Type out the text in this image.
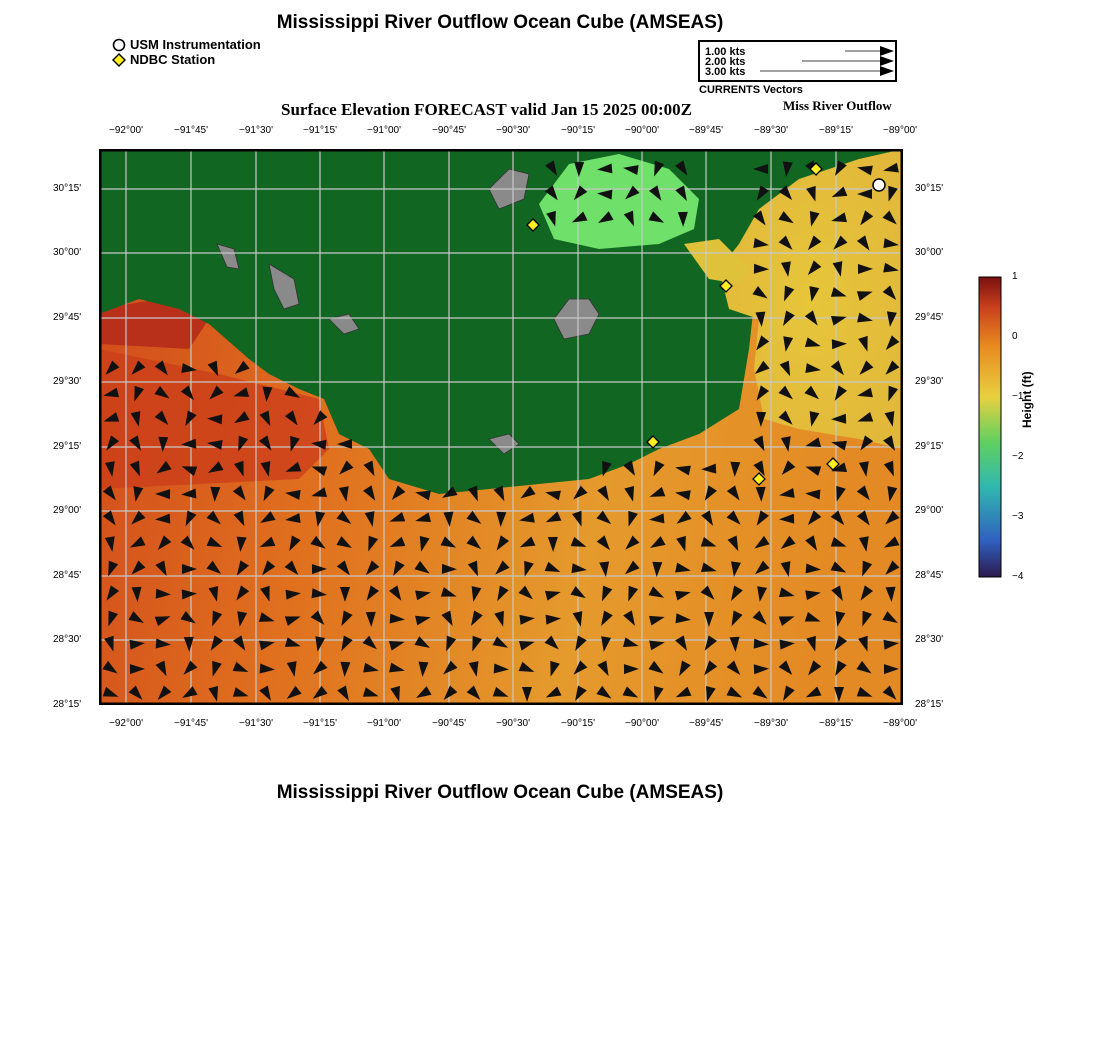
Mississippi River Outflow Ocean Cube (AMSEAS)
USM Instrumentation
NDBC Station	1.00 kts
2.00 kts
3.00 kts
CURRENTS Vectors
Surface Elevation FORECAST valid Jan 15 2025 00:00Z	Miss River Outflow
−92°00'	−91°45'	−91°30'	−91°15'	−91°00'	−90°45'	−90°30'	−90°15'	−90°00'	−89°45'	−89°30'	−89°15'	−89°00'
−92°00'	−91°45'	−91°30'	−91°15'	−91°00'	−90°45'	−90°30'	−90°15'	−90°00'	−89°45'	−89°30'	−89°15'	−89°00'
30°15'
30°00'
29°45'
29°30'
29°15'
29°00'
28°45'
28°30'
28°15'
30°15'
30°00'
29°45'
29°30'
29°15'
29°00'
28°45'
28°30'
28°15'
1
0
−1
−2
−3
−4
Height (ft)
Mississippi River Outflow Ocean Cube (AMSEAS)
